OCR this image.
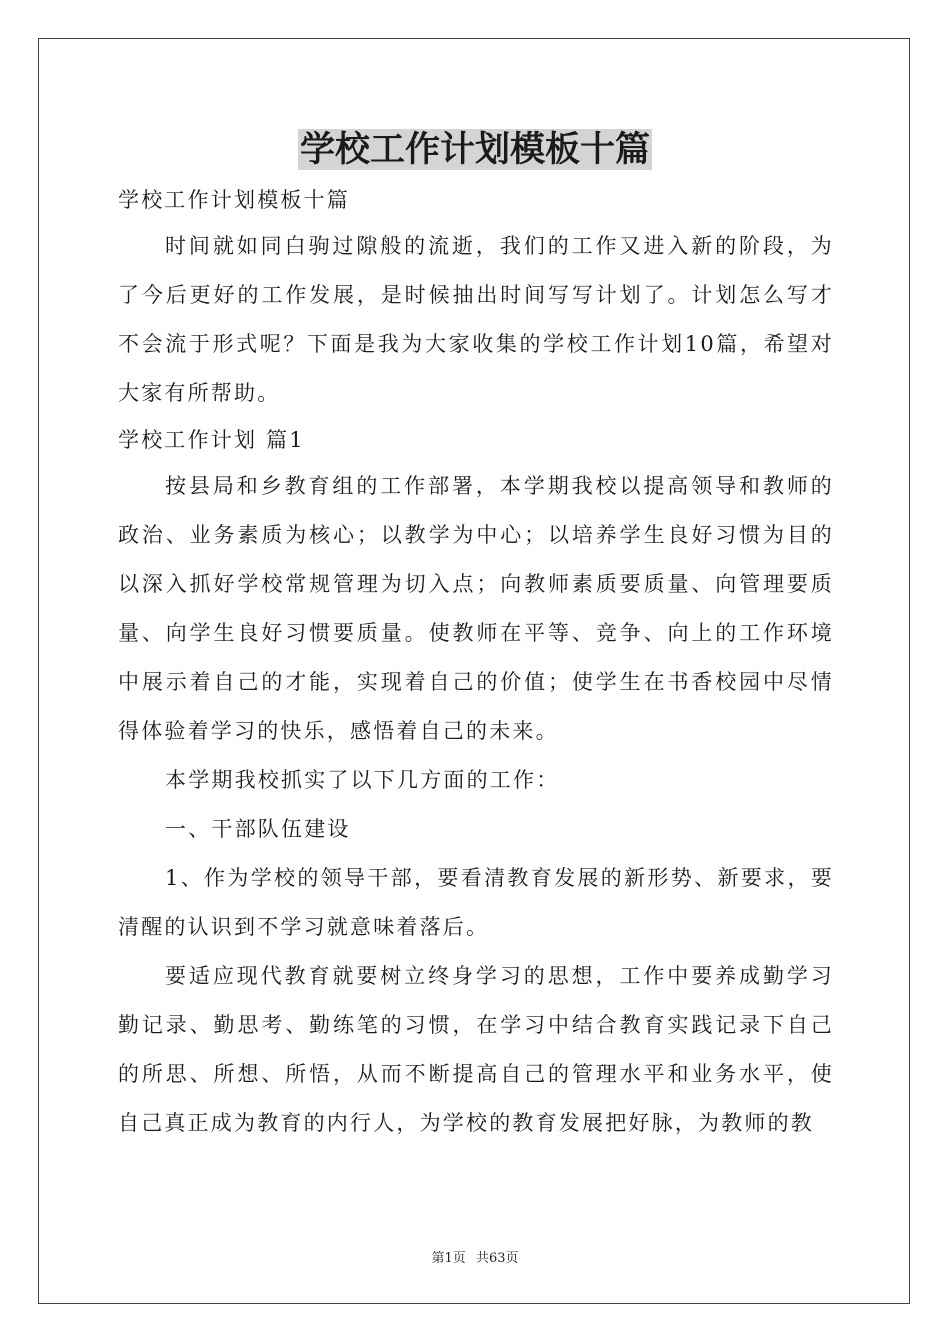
学校工作计划模板十篇

学校工作计划模板十篇

时间就如同白驹过隙般的流逝，我们的工作又进入新的阶段，为了今后更好的工作发展，是时候抽出时间写写计划了。计划怎么写才不会流于形式呢？下面是我为大家收集的学校工作计划10篇，希望对大家有所帮助。

学校工作计划 篇1

按县局和乡教育组的工作部署，本学期我校以提高领导和教师的政治、业务素质为核心；以教学为中心；以培养学生良好习惯为目的以深入抓好学校常规管理为切入点；向教师素质要质量、向管理要质量、向学生良好习惯要质量。使教师在平等、竞争、向上的工作环境中展示着自己的才能，实现着自己的价值；使学生在书香校园中尽情得体验着学习的快乐，感悟着自己的未来。

本学期我校抓实了以下几方面的工作：

一、干部队伍建设

1、作为学校的领导干部，要看清教育发展的新形势、新要求，要清醒的认识到不学习就意味着落后。

要适应现代教育就要树立终身学习的思想，工作中要养成勤学习勤记录、勤思考、勤练笔的习惯，在学习中结合教育实践记录下自己的所思、所想、所悟，从而不断提高自己的管理水平和业务水平，使自己真正成为教育的内行人，为学校的教育发展把好脉，为教师的教

第1页 共63页
